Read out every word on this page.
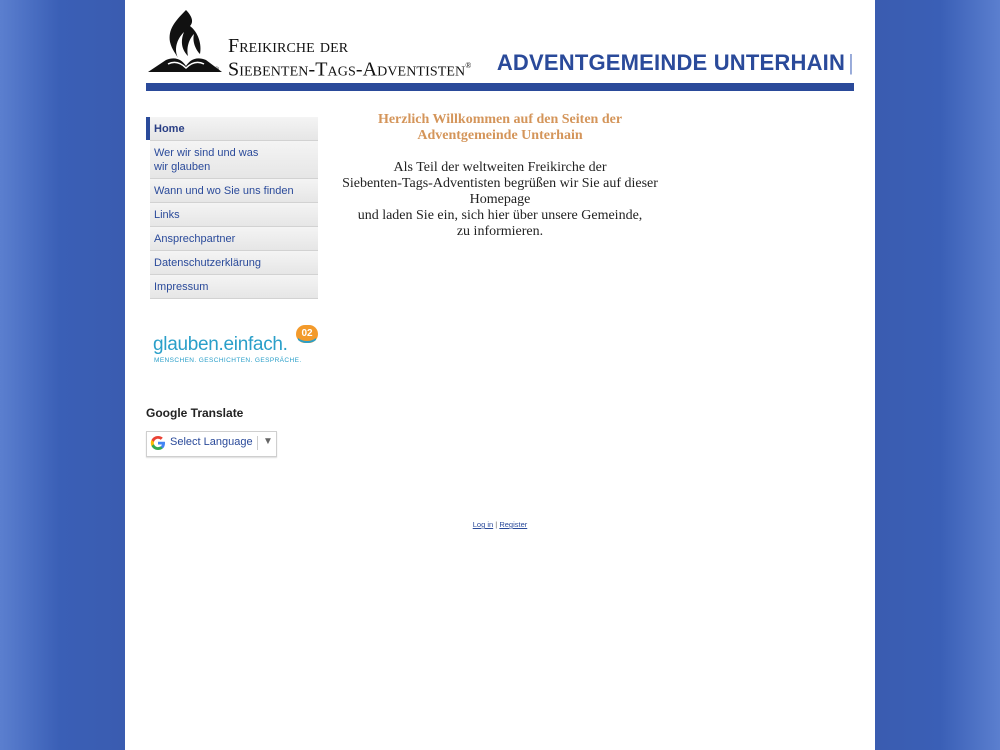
®
Freikirche der
Siebenten-Tags-Adventisten® ADVENTGEMEINDE UNTERHAIN |
Home
Wer wir sind und was wir glauben
Wann und wo Sie uns finden
Links
Ansprechpartner
Datenschutzerklärung
Impressum
glauben.einfach.
MENSCHEN. GESCHICHTEN. GESPRÄCHE.
02
Google Translate
Select Language ▼

Herzlich Willkommen auf den Seiten der
Adventgemeinde Unterhain

Als Teil der weltweiten Freikirche der
Siebenten-Tags-Adventisten begrüßen wir Sie auf dieser
Homepage
und laden Sie ein, sich hier über unsere Gemeinde,
zu informieren.
Log in | Register
